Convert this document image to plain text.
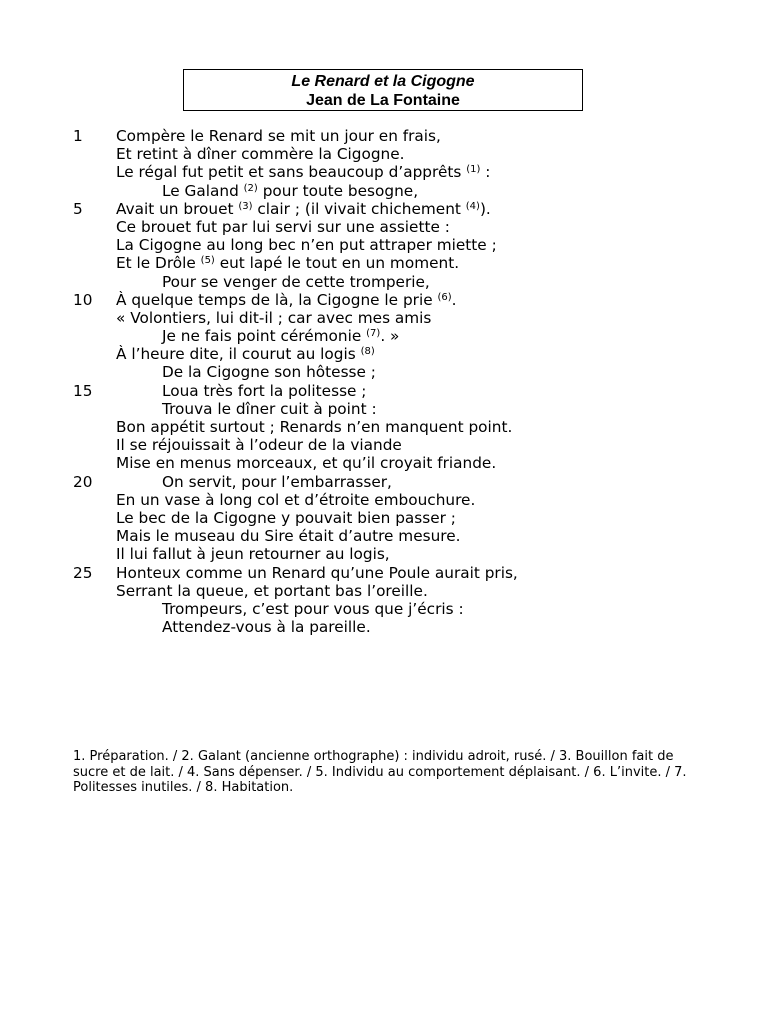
Le Renard et la Cigogne
Jean de La Fontaine
1 Compère le Renard se mit un jour en frais,
Et retint à dîner commère la Cigogne.
Le régal fut petit et sans beaucoup d’apprêts $^{(1)}$ :
Le Galand $^{(2)}$ pour toute besogne,
5 Avait un brouet $^{(3)}$ clair ; (il vivait chichement $^{(4)}$).
Ce brouet fut par lui servi sur une assiette :
La Cigogne au long bec n’en put attraper miette ;
Et le Drôle $^{(5)}$ eut lapé le tout en un moment.
Pour se venger de cette tromperie,
10 À quelque temps de là, la Cigogne le prie $^{(6)}$.
« Volontiers, lui dit-il ; car avec mes amis
Je ne fais point cérémonie $^{(7)}$. »
À l’heure dite, il courut au logis $^{(8)}$
De la Cigogne son hôtesse ;
15	Loua très fort la politesse ;
Trouva le dîner cuit à point :
Bon appétit surtout ; Renards n’en manquent point.
Il se réjouissait à l’odeur de la viande
Mise en menus morceaux, et qu’il croyait friande.
20	On servit, pour l’embarrasser,
En un vase à long col et d’étroite embouchure.
Le bec de la Cigogne y pouvait bien passer ;
Mais le museau du Sire était d’autre mesure.
Il lui fallut à jeun retourner au logis,
25 Honteux comme un Renard qu’une Poule aurait pris,
Serrant la queue, et portant bas l’oreille.
Trompeurs, c’est pour vous que j’écris :
Attendez-vous à la pareille.
1. Préparation. / 2. Galant (ancienne orthographe) : individu adroit, rusé. / 3. Bouillon fait de sucre et de lait. / 4. Sans dépenser. / 5. Individu au comportement déplaisant. / 6. L’invite. / 7. Politesses inutiles. / 8. Habitation.
